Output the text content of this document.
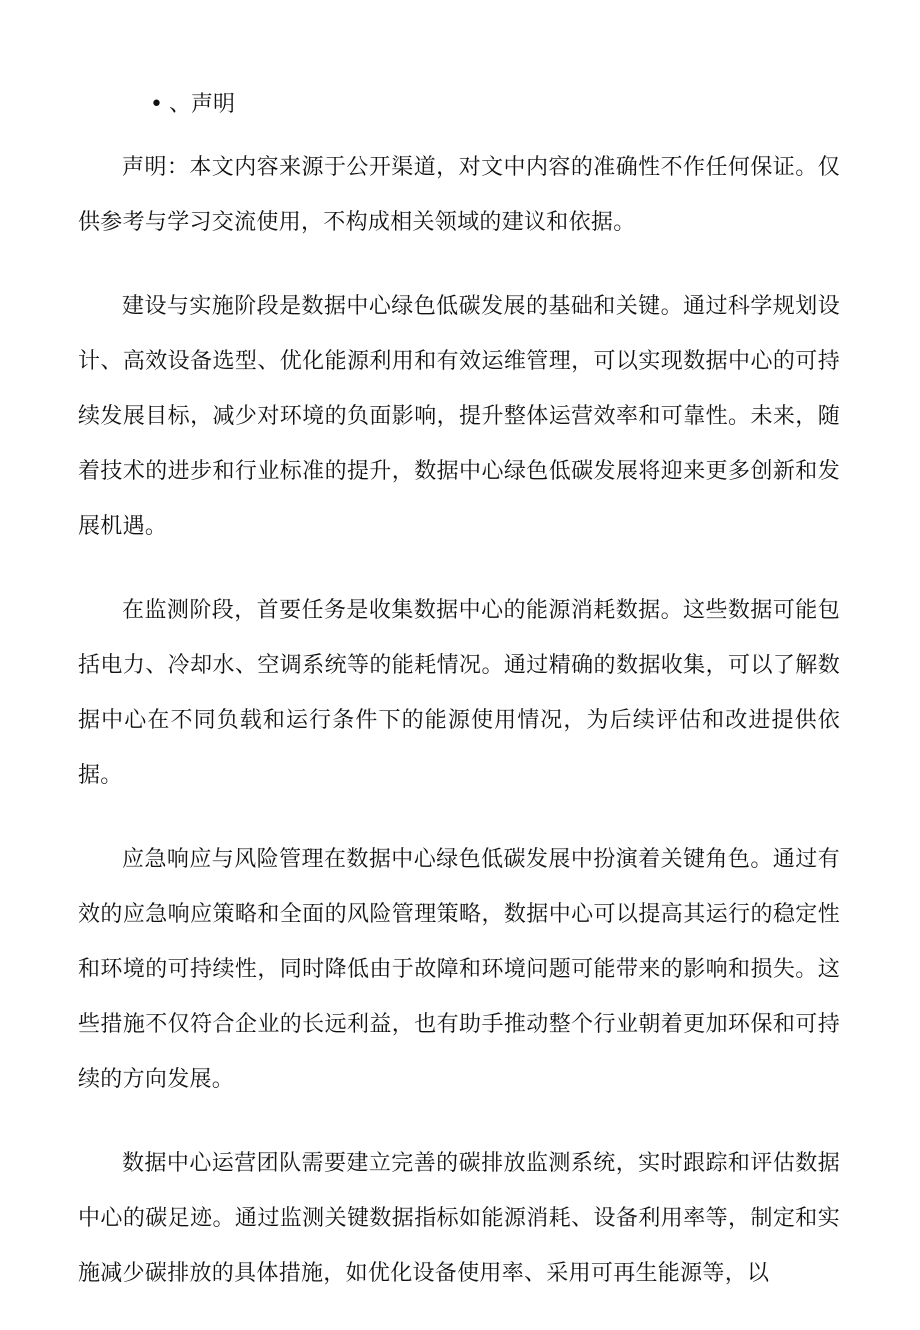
• 、声明

声明：本文内容来源于公开渠道，对文中内容的准确性不作任何保证。仅供参考与学习交流使用，不构成相关领域的建议和依据。

建设与实施阶段是数据中心绿色低碳发展的基础和关键。通过科学规划设计、高效设备选型、优化能源利用和有效运维管理，可以实现数据中心的可持续发展目标，减少对环境的负面影响，提升整体运营效率和可靠性。未来，随着技术的进步和行业标准的提升，数据中心绿色低碳发展将迎来更多创新和发展机遇。

在监测阶段，首要任务是收集数据中心的能源消耗数据。这些数据可能包括电力、冷却水、空调系统等的能耗情况。通过精确的数据收集，可以了解数据中心在不同负载和运行条件下的能源使用情况，为后续评估和改进提供依据。

应急响应与风险管理在数据中心绿色低碳发展中扮演着关键角色。通过有效的应急响应策略和全面的风险管理策略，数据中心可以提高其运行的稳定性和环境的可持续性，同时降低由于故障和环境问题可能带来的影响和损失。这些措施不仅符合企业的长远利益，也有助手推动整个行业朝着更加环保和可持续的方向发展。

数据中心运营团队需要建立完善的碳排放监测系统，实时跟踪和评估数据中心的碳足迹。通过监测关键数据指标如能源消耗、设备利用率等，制定和实施减少碳排放的具体措施，如优化设备使用率、采用可再生能源等，以
